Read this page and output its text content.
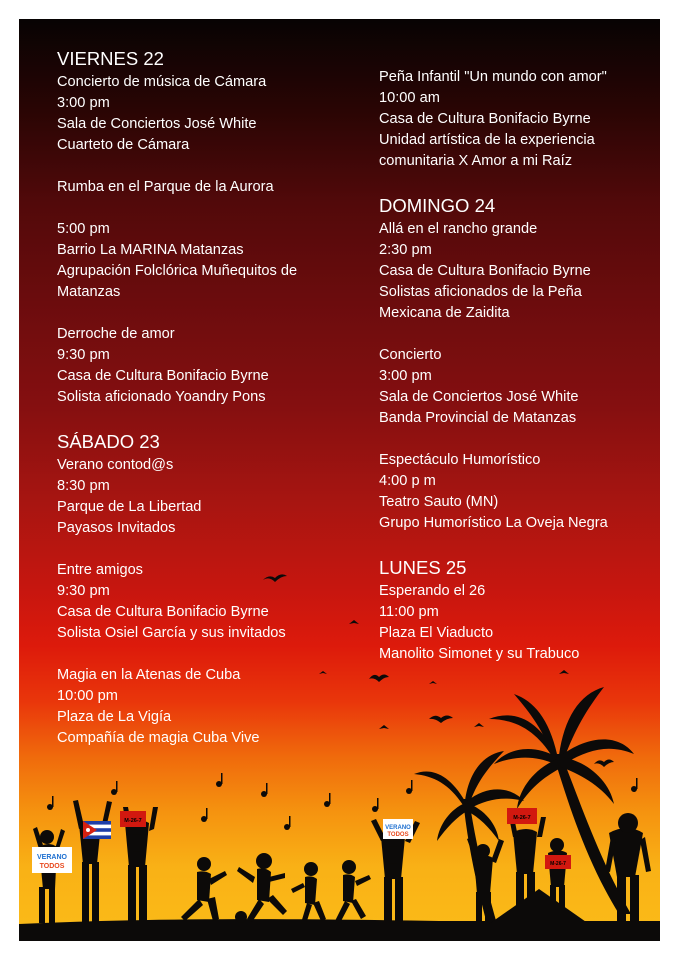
VIERNES 22
Concierto de música de Cámara
3:00 pm
Sala de Conciertos José White
Cuarteto de Cámara
Rumba en el Parque de la Aurora
5:00 pm
Barrio La MARINA Matanzas
Agrupación Folclórica Muñequitos de
Matanzas
Derroche de amor
9:30 pm
Casa de Cultura Bonifacio Byrne
Solista aficionado Yoandry Pons
SÁBADO 23
Verano contod@s
8:30 pm
Parque de La Libertad
Payasos Invitados
Entre amigos
9:30 pm
Casa de Cultura Bonifacio Byrne
Solista Osiel García y sus invitados
Magia en la Atenas de Cuba
10:00 pm
Plaza de La Vigía
Compañía de magia Cuba Vive
Peña Infantil "Un mundo con amor"
10:00 am
Casa de Cultura Bonifacio Byrne
Unidad artística de la experiencia
comunitaria X Amor a mi Raíz
DOMINGO 24
Allá en el rancho grande
2:30 pm
Casa de Cultura Bonifacio Byrne
Solistas aficionados de la Peña
Mexicana de Zaidita
Concierto
3:00 pm
Sala de Conciertos José White
Banda Provincial de Matanzas
Espectáculo Humorístico
4:00 p m
Teatro Sauto (MN)
Grupo Humorístico La Oveja Negra
LUNES 25
Esperando el 26
11:00 pm
Plaza El Viaducto
Manolito Simonet y su Trabuco
VERANO
TODOS
VERANO
TODOS
M-26-7	M-26-7
M-26-7
